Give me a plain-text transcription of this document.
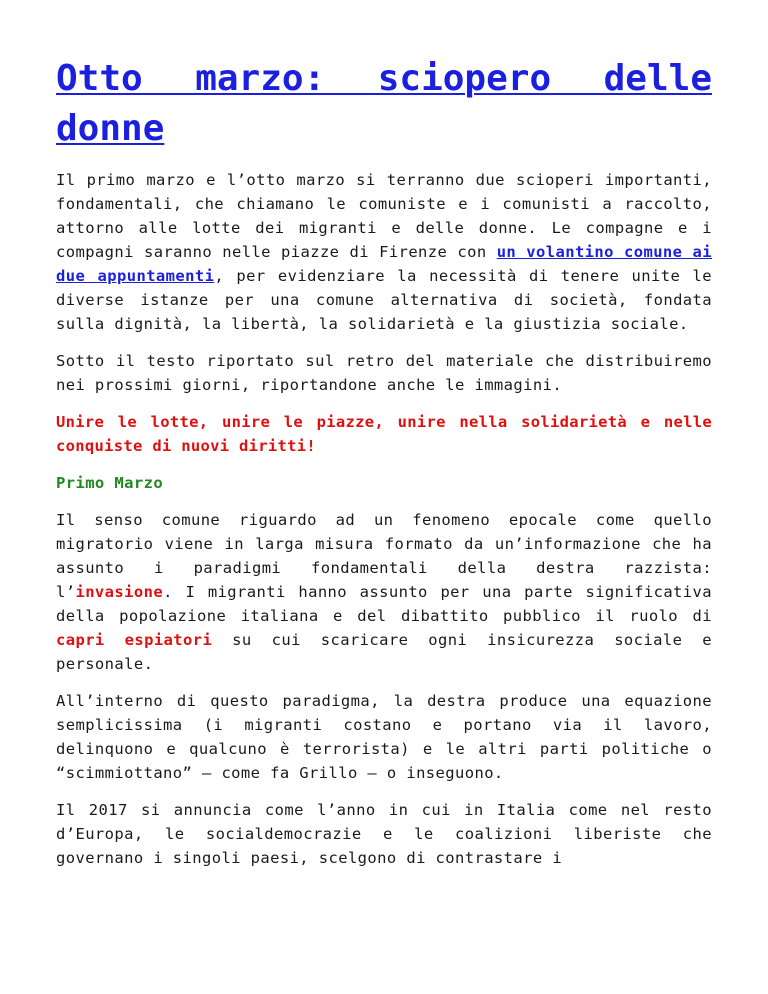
Otto marzo: sciopero delle donne

Il primo marzo e l’otto marzo si terranno due scioperi importanti, fondamentali, che chiamano le comuniste e i comunisti a raccolto, attorno alle lotte dei migranti e delle donne. Le compagne e i compagni saranno nelle piazze di Firenze con un volantino comune ai due appuntamenti, per evidenziare la necessità di tenere unite le diverse istanze per una comune alternativa di società, fondata sulla dignità, la libertà, la solidarietà e la giustizia sociale.

Sotto il testo riportato sul retro del materiale che distribuiremo nei prossimi giorni, riportandone anche le immagini.

Unire le lotte, unire le piazze, unire nella solidarietà e nelle conquiste di nuovi diritti!

Primo Marzo

Il senso comune riguardo ad un fenomeno epocale come quello migratorio viene in larga misura formato da un’informazione che ha assunto i paradigmi fondamentali della destra razzista: l’invasione. I migranti hanno assunto per una parte significativa della popolazione italiana e del dibattito pubblico il ruolo di capri espiatori su cui scaricare ogni insicurezza sociale e personale.

All’interno di questo paradigma, la destra produce una equazione semplicissima (i migranti costano e portano via il lavoro, delinquono e qualcuno è terrorista) e le altri parti politiche o “scimmiottano” – come fa Grillo – o inseguono.

Il 2017 si annuncia come l’anno in cui in Italia come nel resto d’Europa, le socialdemocrazie e le coalizioni liberiste che governano i singoli paesi, scelgono di contrastare i
